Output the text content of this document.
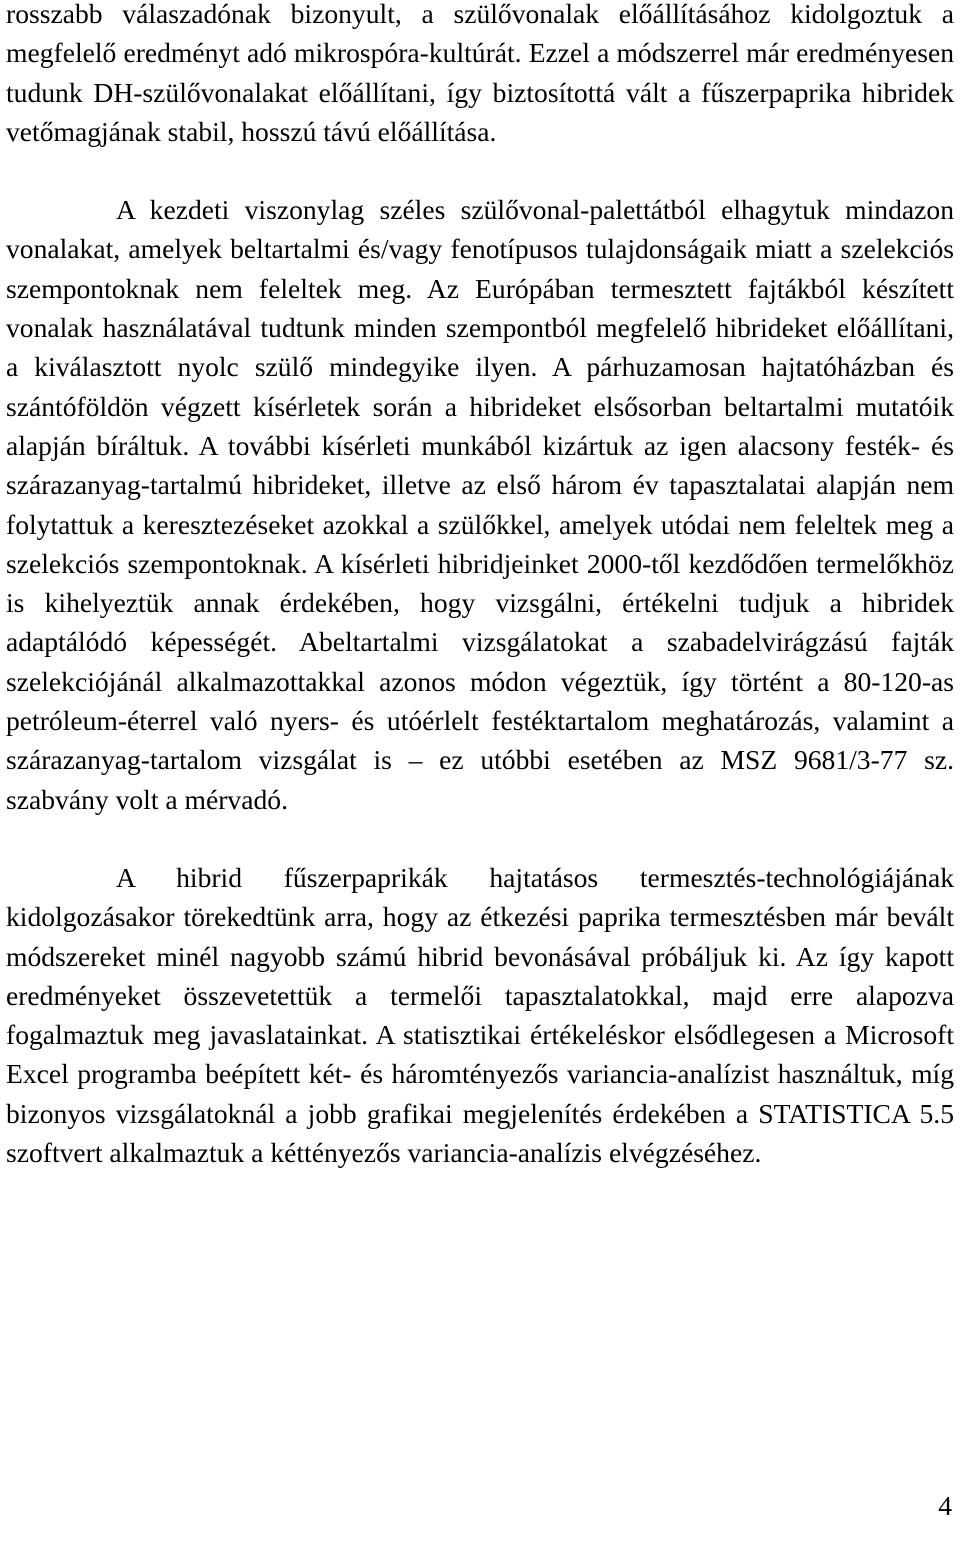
rosszabb válaszadónak bizonyult, a szülővonalak előállításához kidolgoztuk a megfelelő eredményt adó mikrospóra-kultúrát. Ezzel a módszerrel már eredményesen tudunk DH-szülővonalakat előállítani, így biztosítottá vált a fűszerpaprika hibridek vetőmagjának stabil, hosszú távú előállítása.

A kezdeti viszonylag széles szülővonal-palettátból elhagytuk mindazon vonalakat, amelyek beltartalmi és/vagy fenotípusos tulajdonságaik miatt a szelekciós szempontoknak nem feleltek meg. Az Európában termesztett fajtákból készített vonalak használatával tudtunk minden szempontból megfelelő hibrideket előállítani, a kiválasztott nyolc szülő mindegyike ilyen. A párhuzamosan hajtatóházban és szántóföldön végzett kísérletek során a hibrideket elsősorban beltartalmi mutatóik alapján bíráltuk. A további kísérleti munkából kizártuk az igen alacsony festék- és szárazanyag-tartalmú hibrideket, illetve az első három év tapasztalatai alapján nem folytattuk a keresztezéseket azokkal a szülőkkel, amelyek utódai nem feleltek meg a szelekciós szempontoknak. A kísérleti hibridjeinket 2000-től kezdődően termelőkhöz is kihelyeztük annak érdekében, hogy vizsgálni, értékelni tudjuk a hibridek adaptálódó képességét. Abeltartalmi vizsgálatokat a szabadelvirágzású fajták szelekciójánál alkalmazottakkal azonos módon végeztük, így történt a 80-120-as petróleum-éterrel való nyers- és utóérlelt festéktartalom meghatározás, valamint a szárazanyag-tartalom vizsgálat is – ez utóbbi esetében az MSZ 9681/3-77 sz. szabvány volt a mérvadó.

A hibrid fűszerpaprikák hajtatásos termesztés-technológiájának kidolgozásakor törekedtünk arra, hogy az étkezési paprika termesztésben már bevált módszereket minél nagyobb számú hibrid bevonásával próbáljuk ki. Az így kapott eredményeket összevetettük a termelői tapasztalatokkal, majd erre alapozva fogalmaztuk meg javaslatainkat. A statisztikai értékeléskor elsődlegesen a Microsoft Excel programba beépített két- és háromtényezős variancia-analízist használtuk, míg bizonyos vizsgálatoknál a jobb grafikai megjelenítés érdekében a STATISTICA 5.5 szoftvert alkalmaztuk a kéttényezős variancia-analízis elvégzéséhez.

4
